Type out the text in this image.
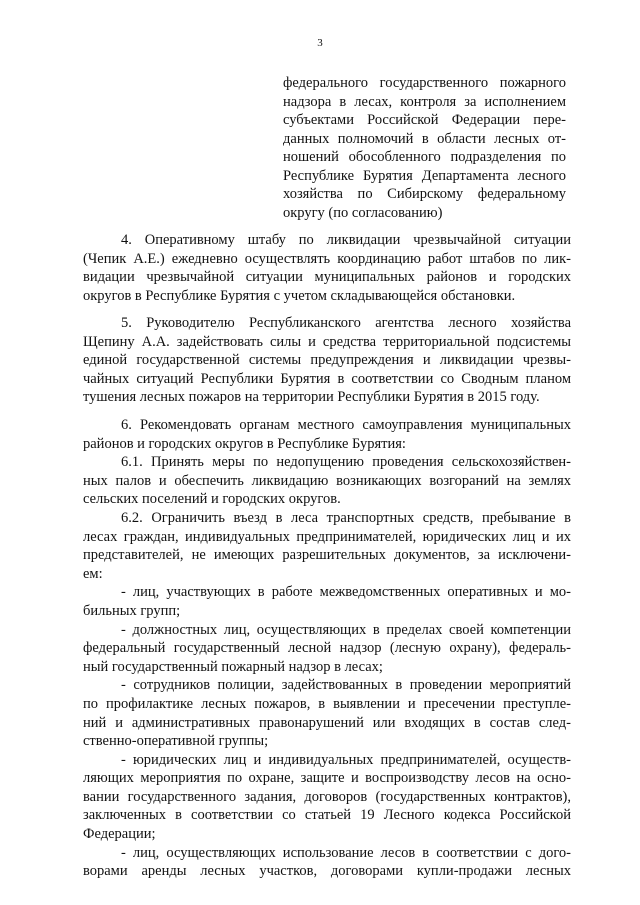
3
федерального государственного пожарного
надзора в лесах, контроля за исполнением
субъектами Российской Федерации пере-
данных полномочий в области лесных от-
ношений обособленного подразделения по
Республике Бурятия Департамента лесного
хозяйства по Сибирскому федеральному
округу (по согласованию)
4. Оперативному штабу по ликвидации чрезвычайной ситуации
(Чепик А.Е.) ежедневно осуществлять координацию работ штабов по лик-
видации чрезвычайной ситуации муниципальных районов и городских
округов в Республике Бурятия с учетом складывающейся обстановки.
5. Руководителю Республиканского агентства лесного хозяйства
Щепину А.А. задействовать силы и средства территориальной подсистемы
единой государственной системы предупреждения и ликвидации чрезвы-
чайных ситуаций Республики Бурятия в соответствии со Сводным планом
тушения лесных пожаров на территории Республики Бурятия в 2015 году.
6. Рекомендовать органам местного самоуправления муниципальных
районов и городских округов в Республике Бурятия:
6.1. Принять меры по недопущению проведения сельскохозяйствен-
ных палов и обеспечить ликвидацию возникающих возгораний на землях
сельских поселений и городских округов.
6.2. Ограничить въезд в леса транспортных средств, пребывание в
лесах граждан, индивидуальных предпринимателей, юридических лиц и их
представителей, не имеющих разрешительных документов, за исключени-
ем:
- лиц, участвующих в работе межведомственных оперативных и мо-
бильных групп;
- должностных лиц, осуществляющих в пределах своей компетенции
федеральный государственный лесной надзор (лесную охрану), федераль-
ный государственный пожарный надзор в лесах;
- сотрудников полиции, задействованных в проведении мероприятий
по профилактике лесных пожаров, в выявлении и пресечении преступле-
ний и административных правонарушений или входящих в состав след-
ственно-оперативной группы;
- юридических лиц и индивидуальных предпринимателей, осуществ-
ляющих мероприятия по охране, защите и воспроизводству лесов на осно-
вании государственного задания, договоров (государственных контрактов),
заключенных в соответствии со статьей 19 Лесного кодекса Российской
Федерации;
- лиц, осуществляющих использование лесов в соответствии с дого-
ворами аренды лесных участков, договорами купли-продажи лесных
